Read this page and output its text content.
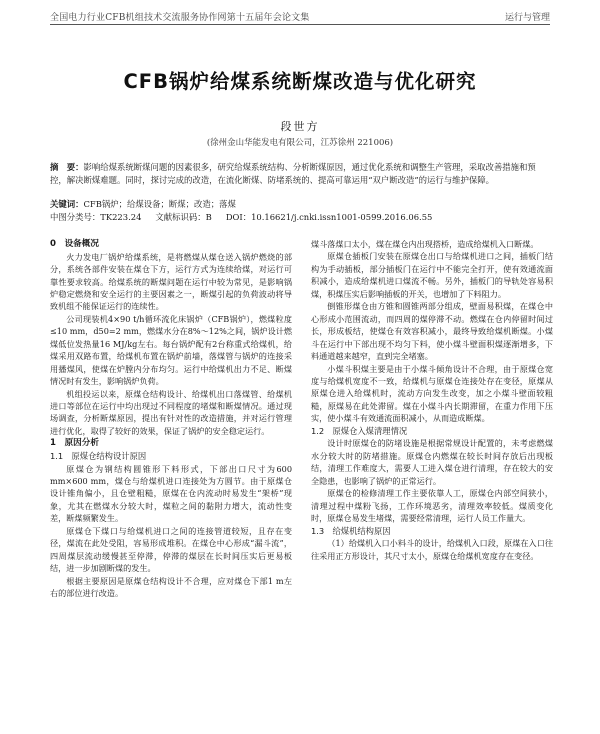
全国电力行业CFB机组技术交流服务协作网第十五届年会论文集	运行与管理
CFB锅炉给煤系统断煤改造与优化研究
段世方
(徐州金山华能发电有限公司，江苏徐州 221006)
摘　要：影响给煤系统断煤问题的因素很多，研究给煤系统结构、分析断煤原因，通过优化系统和调整生产管理，采取改善措施和预控，解决断煤难题。同时，探讨完成的改造，在流化断煤、防堵系统的、提高可靠运用“双户断改造”的运行与维护保障。
关键词：CFB锅炉；给煤设备；断煤；改造；落煤
中图分类号：TK223.24 文献标识码：B DOI：10.16621/j.cnki.issn1001-0599.2016.06.55
0　设备概况

火力发电厂锅炉给煤系统，是将燃煤从煤仓送入锅炉燃烧的部分，系统各部件安装在煤仓下方，运行方式为连续给煤，对运行可靠性要求较高。给煤系统的断煤问题在运行中较为常见，是影响锅炉稳定燃烧和安全运行的主要因素之一，断煤引起的负荷波动将导致机组不能保证运行的连续性。

公司现装机4×90 t/h循环流化床锅炉（CFB锅炉），燃煤粒度≤10 mm，d50=2 mm，燃煤水分在8%～12%之间，锅炉设计燃煤低位发热量16 MJ/kg左右。每台锅炉配有2台称重式给煤机，给煤采用双路布置，给煤机布置在锅炉前墙，落煤管与锅炉的连接采用播煤风，使煤在炉膛内分布均匀。运行中给煤机出力不足、断煤情况时有发生，影响锅炉负荷。

机组投运以来，原煤仓结构设计、给煤机出口落煤管、给煤机进口等部位在运行中均出现过不同程度的堵煤和断煤情况。通过现场调查，分析断煤原因，提出有针对性的改造措施，并对运行管理进行优化，取得了较好的效果，保证了锅炉的安全稳定运行。

1　原因分析
1.1　原煤仓结构设计原因

原煤仓为钢结构圆锥形下料形式，下部出口尺寸为600 mm×600 mm，煤仓与给煤机进口连接处为方圆节。由于原煤仓设计锥角偏小，且仓壁粗糙，原煤在仓内流动时易发生“架桥”现象，尤其在燃煤水分较大时，煤粒之间的黏附力增大，流动性变差，断煤频繁发生。

原煤仓下煤口与给煤机进口之间的连接管道较短，且存在变径，煤流在此处受阻，容易形成堆积。在煤仓中心形成“漏斗流”，四周煤层流动缓慢甚至停滞，停滞的煤层在长时间压实后更易板结，进一步加剧断煤的发生。

根据主要原因是原煤仓结构设计不合理，应对煤仓下部1 m左右的部位进行改造。

煤斗落煤口太小，煤在煤仓内出现搭桥，造成给煤机入口断煤。

原煤仓插板门安装在原煤仓出口与给煤机进口之间，插板门结构为手动插板，部分插板门在运行中不能完全打开，使有效通流面积减小，造成给煤机进口煤流不畅。另外，插板门的导轨处容易积煤，积煤压实后影响插板的开关，也增加了下料阻力。

倒锥形煤仓由方锥和圆锥两部分组成，壁面易积煤，在煤仓中心形成小范围流动，而四周的煤停滞不动。燃煤在仓内停留时间过长，形成板结，使煤仓有效容积减小，最终导致给煤机断煤。小煤斗在运行中下部出现不均匀下料，使小煤斗壁面积煤逐渐增多，下料通道越来越窄，直到完全堵塞。

小煤斗积煤主要是由于小煤斗倾角设计不合理，由于原煤仓宽度与给煤机宽度不一致，给煤机与原煤仓连接处存在变径，原煤从原煤仓进入给煤机时，流动方向发生改变，加之小煤斗壁面较粗糙，原煤易在此处滞留。煤在小煤斗内长期滞留，在重力作用下压实，使小煤斗有效通流面积减小，从而造成断煤。

1.2　原煤仓入煤清理情况

设计时原煤仓的防堵设施是根据常规设计配置的，未考虑燃煤水分较大时的防堵措施。原煤仓内燃煤在较长时间存放后出现板结，清理工作难度大，需要人工进入煤仓进行清理，存在较大的安全隐患，也影响了锅炉的正常运行。

原煤仓的检修清理工作主要依靠人工，原煤仓内部空间狭小，清理过程中煤粉飞扬，工作环境恶劣，清理效率较低。煤质变化时，原煤仓易发生堵煤，需要经常清理，运行人员工作量大。

1.3　给煤机结构原因

（1）给煤机入口小料斗的设计，给煤机入口段，原煤在入口往往采用正方形设计，其尺寸太小，原煤仓给煤机宽度存在变径。
